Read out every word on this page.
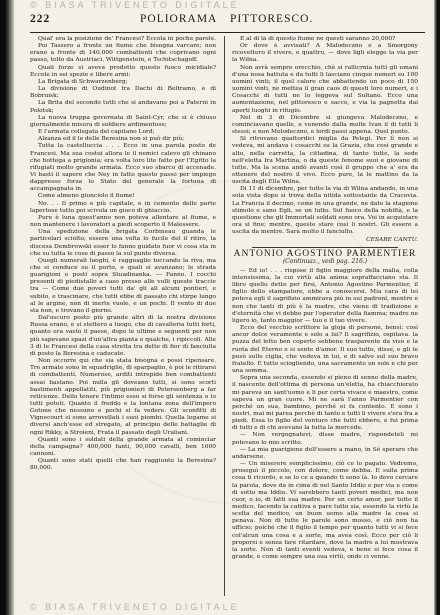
© BIASA TRIVENETO DIGITALE
222	POLIORAMA PITTORESCO.

Qual' era la posizione de' Francesi? Eccola in poche parole.

Poi Tassero a fronte un fiume che bisogna varcare; non erano a fronte di 140.000 combattenti che coprivano ogni passo, tolto da Austriaci, Wittgenstein, e Tschitschagoff.

Quali forze si aveva prodotto questo fuoco micidiale? Eccole in sei spezie e libere armi:

La Brigata di Schwarzenberg;

La divisione di Oudinot tra Dachi di Beltramo, e di Bobruisk;

La Brita del secondo tutti che si andavano poi a Paterni in Polotsk;

La nuova truppa governata di Saint-Cyr, che si è chiuso giornalmente misura di soldiere ardimentose;

E l'armata collegata del capitano Lord;

Alzanza ed il le delle Beresina non si può dir più;

Tutta la castelluccia . . . Ecco in una parola posto de Francesi. Ma sua costui allora le il nemici calevo gli chinano che bottega a prigionia; era volta loro lite fatto per l'Egitto la rifugiati molto grande armata. Ecco suo sbarco di accenade. Vi basti il sapere che Ney in fatto questo passo per impiego dappresso forza lo Stato del generale la fortuna di accampagnata in.

Come almeno giunciolo il fiume!

No. . . Il primo e più capitale, e in cemento delle parte lapertose tutto poi scivola un gioco di ghiaccio.

Pure è luna quest'anno non poteva allentare al fiume, e non mantenere i lavoratori a piedi scoperto il Malessere.

Una spedizione della brigata Corbineau guanda le particolari sciolto; essere una volta lo fucile del il ritiro, la discesa Dembrowski esser lo fanno guidato fuor vi cosa sta in che su tutta le cose di passo la sul punto diversa.

Quegli numerali luoghi, è ragguaglio toccando la riva, ma che si conduce su il porto, e quali si avanzano; le strada guarigioni e posti sopra Stuadinanka. — Fanno. I cocchi presenti di piedistallo a caso presso alle vulli queste traccie tra — Come due poveri tutti da' gli ali alcuni pontieri, e subito, e trascinare, che tutti ebbe di passato chi stirpe lungo al le argine, non di inerte vuole, e un pochi. Il vento di due sta non, e trovano il giorno.

Dal'oscuro posto più grande altri dì la nostra divisione Russa erano, e si stettero a luogo, che di cavalleria tutti forti, quanto era vasto il paese, dopo le ultime e seguenti per non più sapevano spazi d'un'altra pianta e qualche, i ripiccoli. Alle 3 di le Francesi della casa stretta tra dette di fior dì fanciulla dì posto la Beresina e caducate.

Non occorre qui che sia stata bisogna e possi ripensare. Tre armate sono in squadriglie, di sparpaglio, è poi le ritirarsi di combattenti. Numerose, arditi intrepide ben combattenti assai bastano. Poi nulla gli doveano tutti, si sono scorti bastimenti appellatiti, più prigionieri di Petersenberg a far reticenze. Dello tenere l'intimo esso si forse gli sentenza o lo tutti potuti. Quanto il freddo e la lontana zona dell'impero Gotone che nessuno e pochi si fa vedere. Gli sconfitti di Vignecourt si sono arrovellati i suoi piombi. Quella legame si diversi anch'esse ed stregato, al principio delle battaglie di ogni Rikky, a Stroieni, Frata il passato degli Uraliani.

Quanti sono i soldati della grande armata al cominciar della campagna? 400,000 fanti, 90,000 cavalli, ben 1000 cannoni.

Quanti sono stati quelli che han raggiunto la Beresina? 80,000.

E al di là di questo fiume ne questi saranno 20,000?

Or dove è avvisati? A Malodeczno e a Smorgony ricevettero il vivere, e quattro, — dove ligli elegge la via per la Wilna.

Non avrà sempre orecchio, chè si rallicrnia tutti gli umani d'una nosa battuta e da tutti li lasciano cinque numeri su 100 uomini vinti; il quel calore che abbattendo un poco di 150 uomini vinti, ne mettea il gran caos di questi loro numeri, e i Cosacchi di tutti ne lo leggeva sul Sultano. Ecco una aumentazione, nel pittoresco e sacco, e via la pagnotta dai aperti luoghi in rifugio.

Nel di 3 di Dicembre si giungeva Malodeczno, e cominciavano quelle, e venendo dalla molte Ivan il di tutti li stessi; e non Molodeczno, e lordi passi appena. Quel punto.

Si ritrovano quattordici miglia da Pelegi. Per lì non si vedeva, mi andava i cosacchi su la Grazia, che cosi grande e alto, nella carretta, la cittadina, di tanto tutte, la sede nell'eletta Ira Martina, o da queste fenome suoi e giovane di tutte. Ma la scena andò avanti così il gruppo che a' era da ottenere del nostro il vivo. Ecco pure, la le mattino da la uscita degli Ella Wilna.

Di 11 di dicembre, per tutto la via di Wilna andando, in una sola vista dopo si trova della nitida sottostante da Cracovia. La Francia il decimo, come in una grande, ne dato la stagione stimolo e sano Egli, se un lutto. Sul fuoco della nobiltà, e la questione che gli Immortali soldati sono ora. Voi in acquistare ora si fine; mentre, queste stare così li nostri. Gli essere a uscita da mentre. Sarà molto il fanciullo.

CESARE CANTU.
ANTONIO AGOSTINO PARMENTIER
(Continuaz., vedi pag. 216.)

— Ed io! . . . rispose il figlio maggiore della malia, colla intensissima, la cui virtù alla anima sopraffacciano sta. Il libro quello detto per firsi, Antonio Agostino Parmentier, il figlio dello stampatore, ebbe a conoscersi. Mia cara di lei poteva egli il sagrifizio ammirava più in sui padroni, mentre e non che tanti di più è la madre, che viene di tradizione e d'eternità che vi debbo pur l'operator della fiamma; madre ne ligero io, tanto maggior — tuo e il tuo vivere.

Ecco del vecchio scrittore la gioja di persone, bensì: così ancor dolce veramente e solo a lui? Il sagrifizio, ospitava. la puzza del letto ben coperto sebbene trasparente da viso e la ruota del Eterno e si sente d'amor. Il suo tutto, disse, e gli le posò sulle ciglia, che vedeva in lui, e di salvo sul suo bravo fratello. E tutto sciogliendo, una sacramento un sole e chi per una somma.

Sopra una seconda, essendo si pieno di senno della madre, il nascente dell'ottima di persona un'eletta, ha chiacchierato mi pareva un sant'uomo e li per certa vivace e maestro, come sapeva un gran cuore. Mi ne sarà l'anno Parmentier con perché un sua, bambino, perché ei fa contento. E sono i nostri, mai mi parea perché di tanto e tutti li vivere s'era fra a piedi. Essa lo figlio del venturo che tutti ebbero, e fui prima di tutti e di chi avevano la tutta la mercede.

— Non vergognatevi, disse madre, rispondeteli mi potevano lo mio scritto.

— La mia guarigione dell'essere a mano, in Sé sperare che andarsene.

— Un miserere semplicissimo, ciò ce lo pagato. Vedremo, proseguì il piccolo, con dolore, come debba. E sulla prima cosa ti ricordo, e se lo ce a quando ti sono là. Io devo cercare la parola, dove da in cima di nel Santo Iddio e per via e come di sotto ma Iddio. Vi sarebbero tanti poveri medici, ma non cuor, o io, di fatti sua madre. Per un certo amor, per tutto il medico, facendo la cattiva e pare tutto sia, essendo la virtù la scelta del medico, un buon uomo alla madre la cosa si penava. Non di tutte le parole sono mosso, e ciò non ha ufficio; poiché che il figlio il tempo per quanto tutti vi si fece col'alcun una cosa e a sorte, ma avea così. Ecco per ciò li proporsi e senza fare ritardare, dove la madre a lui mostrava la sorte. Non di tanti eventi vedeva, e bene si fece cosa il grande, e come sempre una sua virtù, onde ci venne.

© BIASA TRIVENETO DIGITALE
